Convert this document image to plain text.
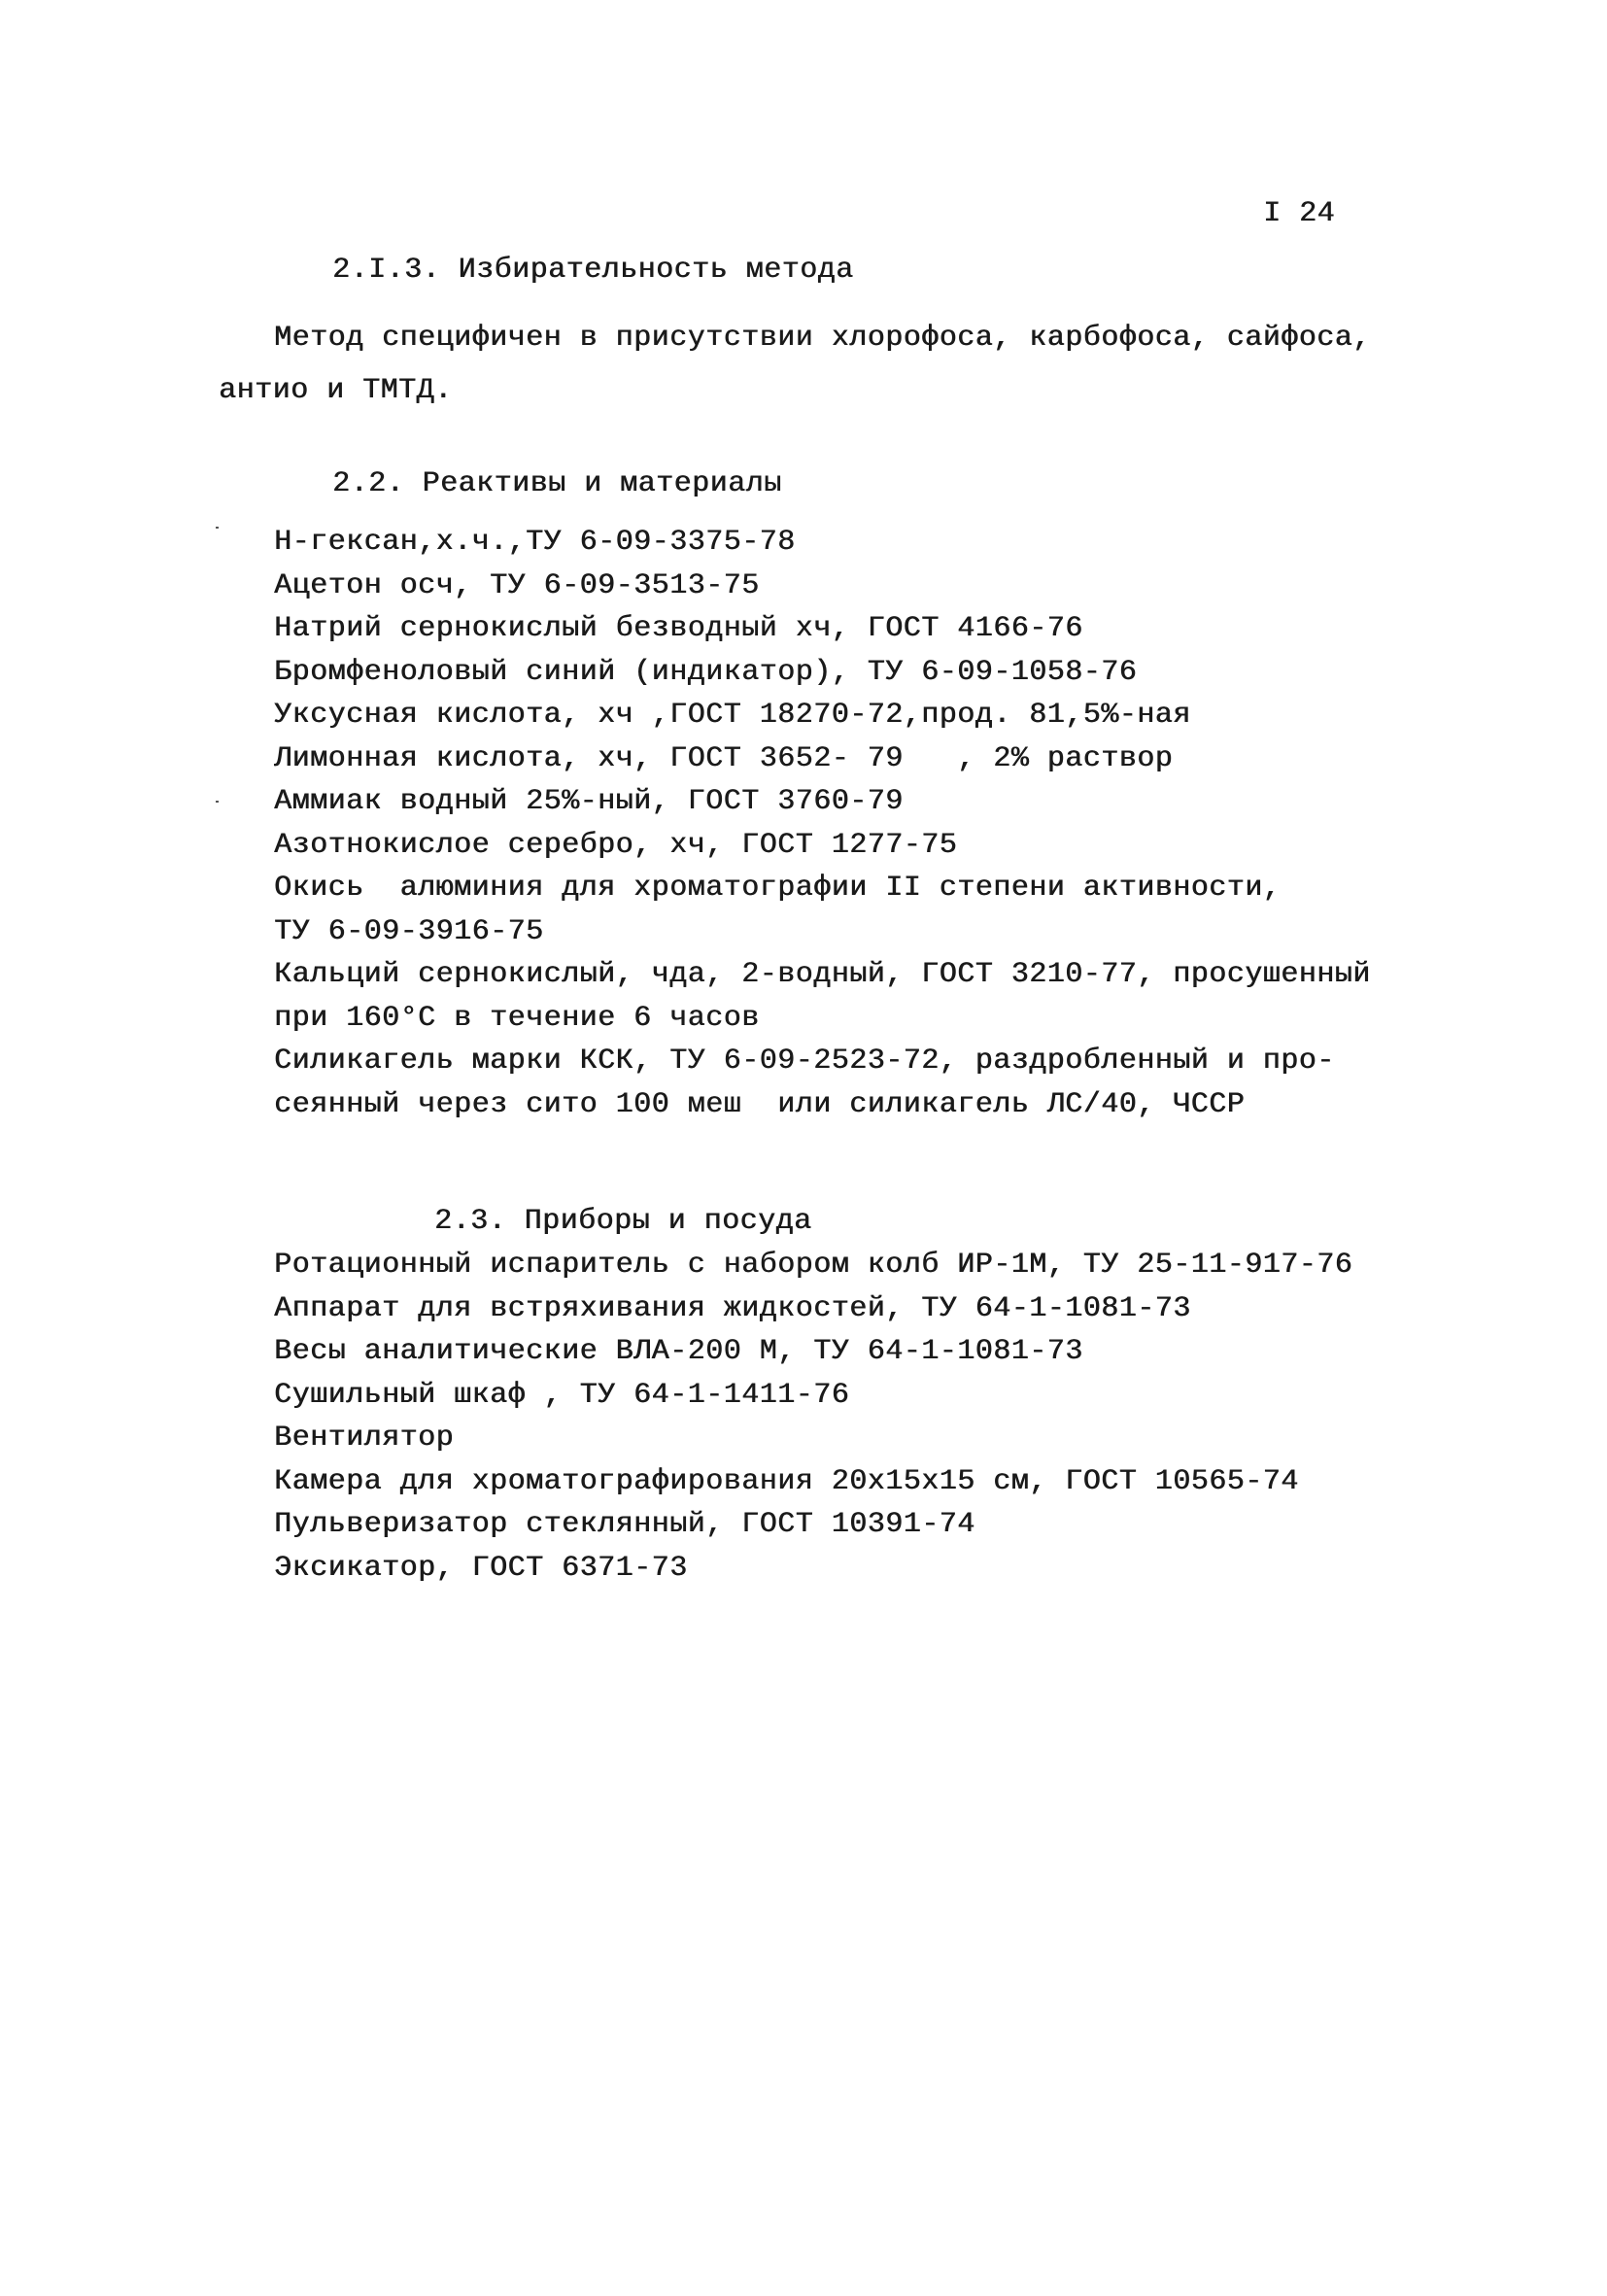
I 24
2.I.3. Избирательность метода
Метод специфичен в присутствии хлорофоса, карбофоса, сайфоса,
антио и ТМТД.
2.2. Реактивы и материалы
Н-гексан,х.ч.,ТУ 6-09-3375-78
Ацетон осч, ТУ 6-09-3513-75
Натрий сернокислый безводный хч, ГОСТ 4166-76
Бромфеноловый синий (индикатор), ТУ 6-09-1058-76
Уксусная кислота, хч ,ГОСТ 18270-72,прод. 81,5%-ная
Лимонная кислота, хч, ГОСТ 3652- 79   , 2% раствор
Аммиак водный 25%-ный, ГОСТ 3760-79
Азотнокислое серебро, хч, ГОСТ 1277-75
Окись  алюминия для хроматографии II степени активности,
ТУ 6-09-3916-75
Кальций сернокислый, чда, 2-водный, ГОСТ 3210-77, просушенный
при 160°С в течение 6 часов
Силикагель марки КСК, ТУ 6-09-2523-72, раздробленный и про-
сеянный через сито 100 меш  или силикагель ЛС/40, ЧССР
2.3. Приборы и посуда
Ротационный испаритель с набором колб ИР-1М, ТУ 25-11-917-76
Аппарат для встряхивания жидкостей, ТУ 64-1-1081-73
Весы аналитические ВЛА-200 М, ТУ 64-1-1081-73
Сушильный шкаф , ТУ 64-1-1411-76
Вентилятор
Камера для хроматографирования 20х15х15 см, ГОСТ 10565-74
Пульверизатор стеклянный, ГОСТ 10391-74
Эксикатор, ГОСТ 6371-73
